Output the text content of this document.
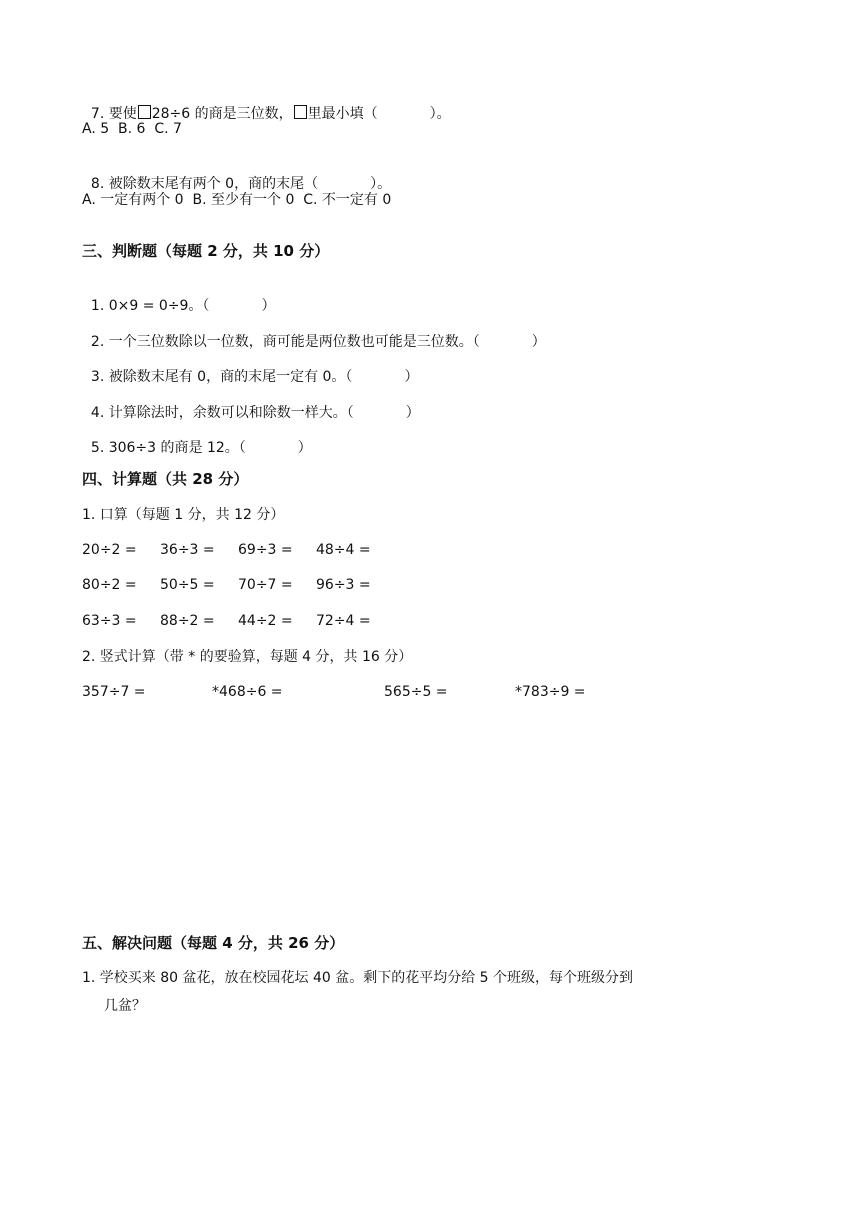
7. 要使 28÷6 的商是三位数， 里最小填（	）。

A. 5  B. 6  C. 7

8. 被除数末尾有两个 0，商的末尾（	）。

A. 一定有两个 0  B. 至少有一个 0  C. 不一定有 0
三、判断题（每题 2 分，共 10 分）

1. 0×9 = 0÷9。（	）

2. 一个三位数除以一位数，商可能是两位数也可能是三位数。（	）

3. 被除数末尾有 0，商的末尾一定有 0。（	）

4. 计算除法时，余数可以和除数一样大。（	）

5. 306÷3 的商是 12。（	）

四、计算题（共 28 分）
1. 口算（每题 1 分，共 12 分）
20÷2 = 36÷3 = 69÷3 = 48÷4 =
80÷2 = 50÷5 = 70÷7 = 96÷3 =
63÷3 = 88÷2 = 44÷2 = 72÷4 =
2. 竖式计算（带 * 的要验算，每题 4 分，共 16 分）
357÷7 =	*468÷6 =	565÷5 =	*783÷9 =
五、解决问题（每题 4 分，共 26 分）
1. 学校买来 80 盆花，放在校园花坛 40 盆。剩下的花平均分给 5 个班级，每个班级分到
几盆？
